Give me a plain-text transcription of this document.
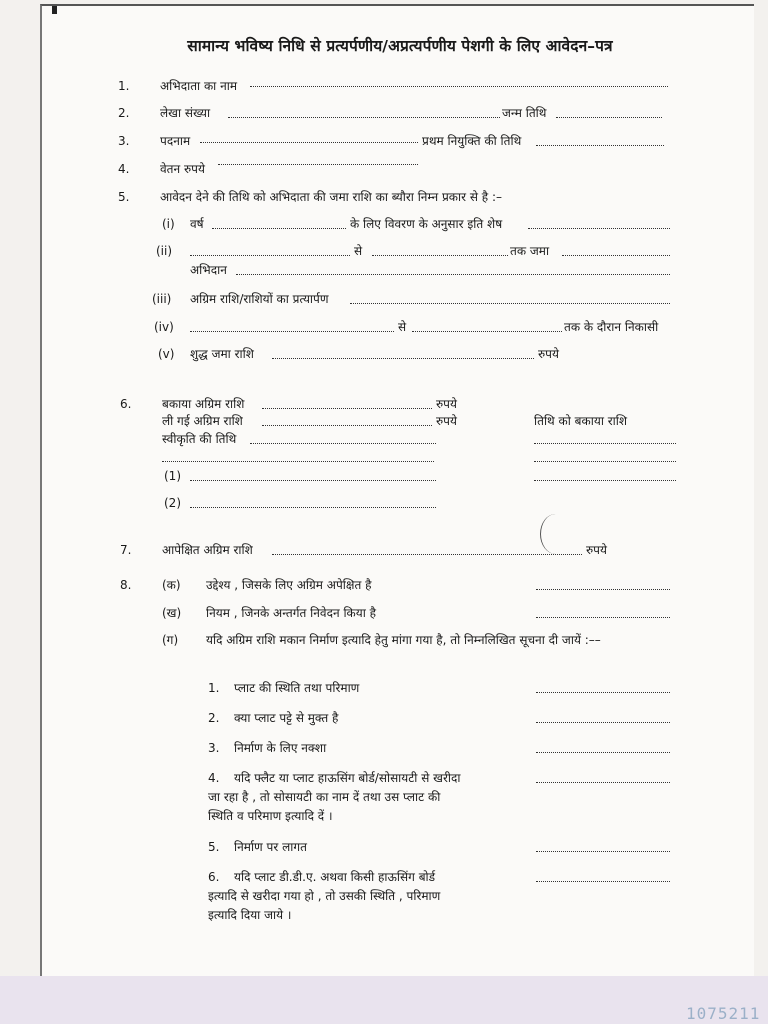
सामान्य भविष्य निधि से प्रत्यर्पणीय/अप्रत्यर्पणीय पेशगी के लिए आवेदन–पत्र
1.	अभिदाता का नाम
2.	लेखा संख्या	जन्म तिथि
3.	पदनाम	प्रथम नियुक्ति की तिथि
4.	वेतन रुपये
5.	आवेदन देने की तिथि को अभिदाता की जमा राशि का ब्यौरा निम्न प्रकार से है :–
(i) वर्ष	के लिए विवरण के अनुसार इति शेष
(ii)	से	तक जमा
अभिदान
(iii) अग्रिम राशि/राशियों का प्रत्यार्पण
(iv)	से	तक के दौरान निकासी
(v) शुद्ध जमा राशि	रुपये
6.	बकाया अग्रिम राशि	रुपये
ली गई अग्रिम राशि	रुपये	तिथि को बकाया राशि
स्वीकृति की तिथि
(1)
(2)
7.	आपेक्षित अग्रिम राशि	रुपये
8.	(क) उद्देश्य , जिसके लिए अग्रिम अपेक्षित है
(ख) नियम , जिनके अन्तर्गत निवेदन किया है
(ग) यदि अग्रिम राशि मकान निर्माण इत्यादि हेतु मांगा गया है, तो निम्नलिखित सूचना दी जायें :––
1. प्लाट की स्थिति तथा परिमाण
2. क्या प्लाट पट्टे से मुक्त है
3. निर्माण के लिए नक्शा
4. यदि फ्लैट या प्लाट हाऊसिंग बोर्ड/सोसायटी से खरीदा
जा रहा है , तो सोसायटी का नाम दें तथा उस प्लाट की
स्थिति व परिमाण इत्यादि दें ।
5. निर्माण पर लागत
6. यदि प्लाट डी.डी.ए. अथवा किसी हाऊसिंग बोर्ड
इत्यादि से खरीदा गया हो , तो उसकी स्थिति , परिमाण
इत्यादि दिया जाये ।
1075211
